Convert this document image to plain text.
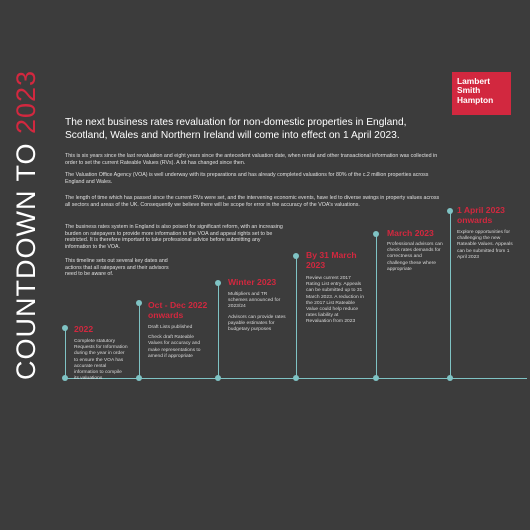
COUNTDOWN TO 2023	Lambert
Smith
Hampton
The next business rates revaluation for non-domestic properties in England, Scotland, Wales and Northern Ireland will come into effect on 1 April 2023.
This is six years since the last revaluation and eight years since the antecedent valuation date, when rental and other transactional information was collected in order to set the current Rateable Values (RVs). A lot has changed since then.
The Valuation Office Agency (VOA) is well underway with its preparations and has already completed valuations for 80% of the c.2 million properties across England and Wales.
The length of time which has passed since the current RVs were set, and the intervening economic events, have led to diverse swings in property values across all sectors and areas of the UK. Consequently we believe there will be scope for error in the accuracy of the VOA's valuations.
The business rates system in England is also poised for significant reform, with an increasing burden on ratepayers to provide more information to the VOA and appeal rights set to be restricted. It is therefore important to take professional advice before submitting any information to the VOA.
This timeline sets out several key dates and actions that all ratepayers and their advisors need to be aware of.
2022

Complete statutory Requests for Information during the year in order to ensure the VOA has accurate rental information to compile its valuations

Oct - Dec 2022 onwards

Draft Lists published

Check draft Rateable Values for accuracy and make representations to amend if appropriate

Winter 2023

Multipliers and TR schemes announced for 2023/24

Advisors can provide rates payable estimates for budgetary purposes

By 31 March 2023

Review current 2017 Rating List entry. Appeals can be submitted up to 31 March 2023. A reduction in the 2017 List Rateable Value could help reduce rates liability at Revaluation from 2023

March 2023

Professional advisors can check rates demands for correctness and challenge these where appropriate

1 April 2023 onwards

Explore opportunities for challenging the new Rateable Values. Appeals can be submitted from 1 April 2023
